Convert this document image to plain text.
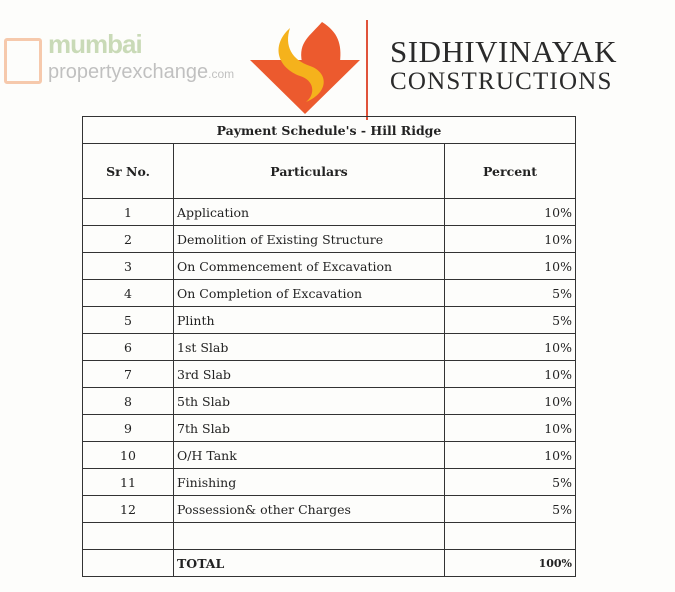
SIDHIVINAYAK
CONSTRUCTIONS
Payment Schedule's - Hill Ridge		
Sr No.	Particulars	Percent
1	Application	10%
2	Demolition of Existing Structure	10%
3	On Commencement of Excavation	10%
4	On Completion of Excavation	5%
5	Plinth	5%
6	1st Slab	10%
7	3rd Slab	10%
8	5th Slab	10%
9	7th Slab	10%
10	O/H Tank	10%
11	Finishing	5%
12	Possession& other Charges	5%

	TOTAL	100%
mumbai
propertyexchange.com
